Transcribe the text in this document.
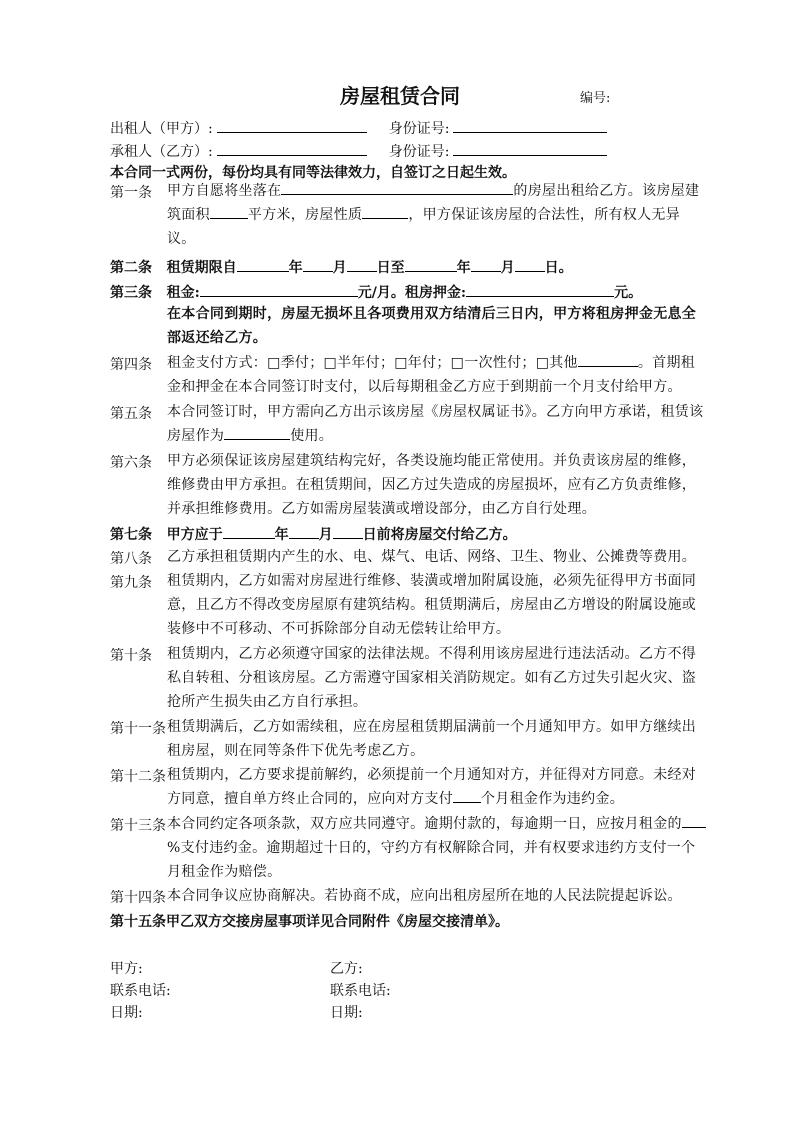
房屋租赁合同	编号:
出租人（甲方）:	身份证号:
承租人（乙方）:	身份证号:
本合同一式两份，每份均具有同等法律效力，自签订之日起生效。
第一条 甲方自愿将坐落在	的房屋出租给乙方。该房屋建筑面积	平方米，房屋性质	，甲方保证该房屋的合法性，所有权人无异议。
第二条 租赁期限自	年 月 日至	年 月 日。
第三条 租金:	元/月。租房押金:	元。
在本合同到期时，房屋无损坏且各项费用双方结清后三日内，甲方将租房押金无息全部返还给乙方。
第四条 租金支付方式：□季付；□半年付；□年付；□一次性付；□其他	。首期租金和押金在本合同签订时支付，以后每期租金乙方应于到期前一个月支付给甲方。
第五条 本合同签订时，甲方需向乙方出示该房屋《房屋权属证书》。乙方向甲方承诺，租赁该房屋作为	使用。
第六条 甲方必须保证该房屋建筑结构完好，各类设施均能正常使用。并负责该房屋的维修，维修费由甲方承担。在租赁期间，因乙方过失造成的房屋损坏，应有乙方负责维修，并承担维修费用。乙方如需房屋装潢或增设部分，由乙方自行处理。
第七条 甲方应于	年 月 日前将房屋交付给乙方。
第八条 乙方承担租赁期内产生的水、电、煤气、电话、网络、卫生、物业、公摊费等费用。
第九条 租赁期内，乙方如需对房屋进行维修、装潢或增加附属设施，必须先征得甲方书面同意，且乙方不得改变房屋原有建筑结构。租赁期满后，房屋由乙方增设的附属设施或装修中不可移动、不可拆除部分自动无偿转让给甲方。
第十条 租赁期内，乙方必须遵守国家的法律法规。不得利用该房屋进行违法活动。乙方不得私自转租、分租该房屋。乙方需遵守国家相关消防规定。如有乙方过失引起火灾、盗抢所产生损失由乙方自行承担。
第十一条 租赁期满后，乙方如需续租，应在房屋租赁期届满前一个月通知甲方。如甲方继续出租房屋，则在同等条件下优先考虑乙方。
第十二条 租赁期内，乙方要求提前解约，必须提前一个月通知对方，并征得对方同意。未经对方同意，擅自单方终止合同的，应向对方支付 个月租金作为违约金。
第十三条 本合同约定各项条款，双方应共同遵守。逾期付款的，每逾期一日，应按月租金的%支付违约金。逾期超过十日的，守约方有权解除合同，并有权要求违约方支付一个月租金作为赔偿。
第十四条 本合同争议应协商解决。若协商不成，应向出租房屋所在地的人民法院提起诉讼。
第十五条甲乙双方交接房屋事项详见合同附件《房屋交接清单》。
甲方:	乙方:
联系电话:	联系电话:
日期:	日期:
